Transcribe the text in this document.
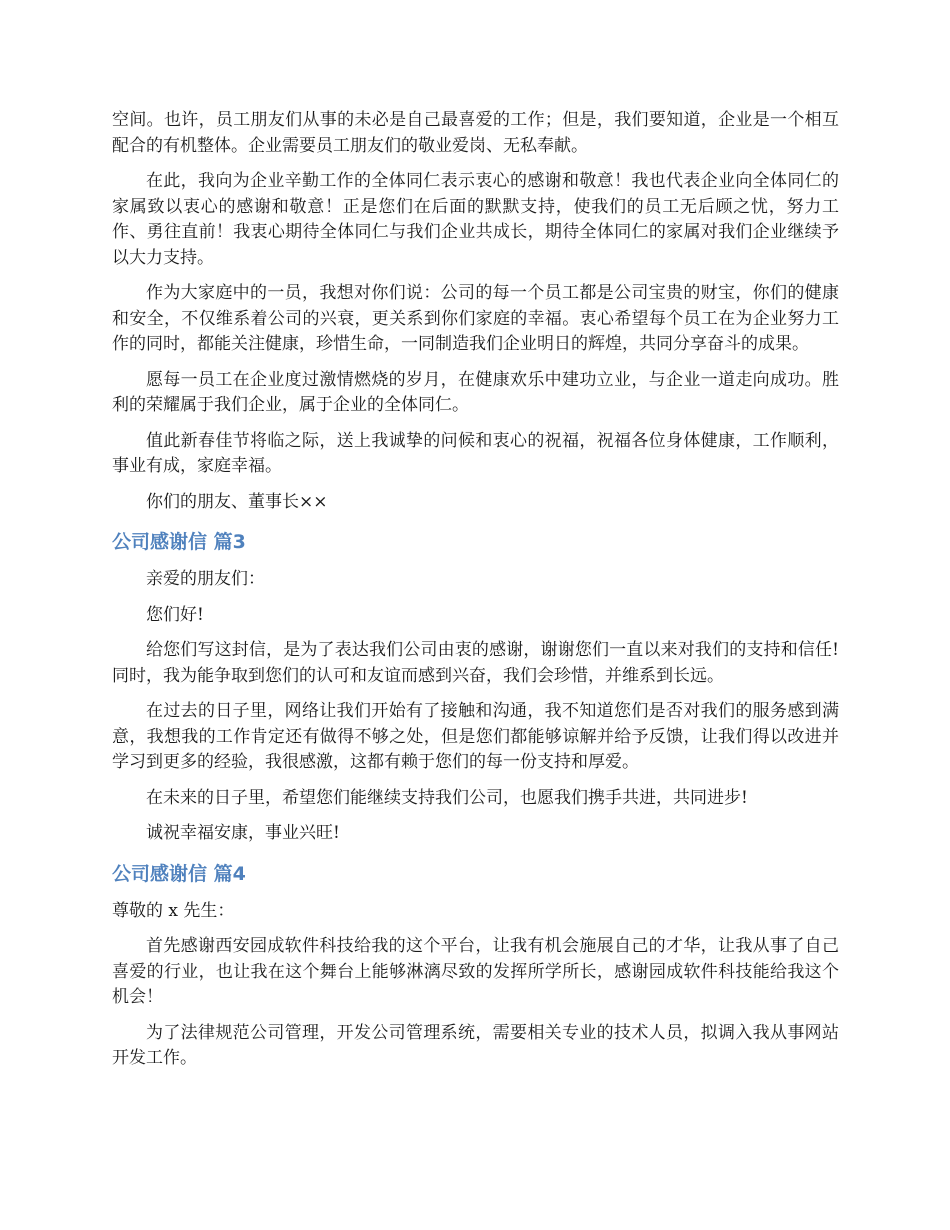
空间。也许，员工朋友们从事的未必是自己最喜爱的工作；但是，我们要知道，企业是一个相互配合的有机整体。企业需要员工朋友们的敬业爱岗、无私奉献。

在此，我向为企业辛勤工作的全体同仁表示衷心的感谢和敬意！我也代表企业向全体同仁的家属致以衷心的感谢和敬意！正是您们在后面的默默支持，使我们的员工无后顾之忧，努力工作、勇往直前！我衷心期待全体同仁与我们企业共成长，期待全体同仁的家属对我们企业继续予以大力支持。

作为大家庭中的一员，我想对你们说：公司的每一个员工都是公司宝贵的财宝，你们的健康和安全，不仅维系着公司的兴衰，更关系到你们家庭的幸福。衷心希望每个员工在为企业努力工作的同时，都能关注健康，珍惜生命，一同制造我们企业明日的辉煌，共同分享奋斗的成果。

愿每一员工在企业度过激情燃烧的岁月，在健康欢乐中建功立业，与企业一道走向成功。胜利的荣耀属于我们企业，属于企业的全体同仁。

值此新春佳节将临之际，送上我诚挚的问候和衷心的祝福，祝福各位身体健康，工作顺利，事业有成，家庭幸福。

你们的朋友、董事长××

公司感谢信 篇3

亲爱的朋友们：

您们好!

给您们写这封信，是为了表达我们公司由衷的感谢，谢谢您们一直以来对我们的支持和信任!同时，我为能争取到您们的认可和友谊而感到兴奋，我们会珍惜，并维系到长远。

在过去的日子里，网络让我们开始有了接触和沟通，我不知道您们是否对我们的服务感到满意，我想我的工作肯定还有做得不够之处，但是您们都能够谅解并给予反馈，让我们得以改进并学习到更多的经验，我很感激，这都有赖于您们的每一份支持和厚爱。

在未来的日子里，希望您们能继续支持我们公司，也愿我们携手共进，共同进步!

诚祝幸福安康，事业兴旺!

公司感谢信 篇4

尊敬的 x 先生：

首先感谢西安园成软件科技给我的这个平台，让我有机会施展自己的才华，让我从事了自己喜爱的行业，也让我在这个舞台上能够淋漓尽致的发挥所学所长，感谢园成软件科技能给我这个机会！

为了法律规范公司管理，开发公司管理系统，需要相关专业的技术人员，拟调入我从事网站开发工作。
